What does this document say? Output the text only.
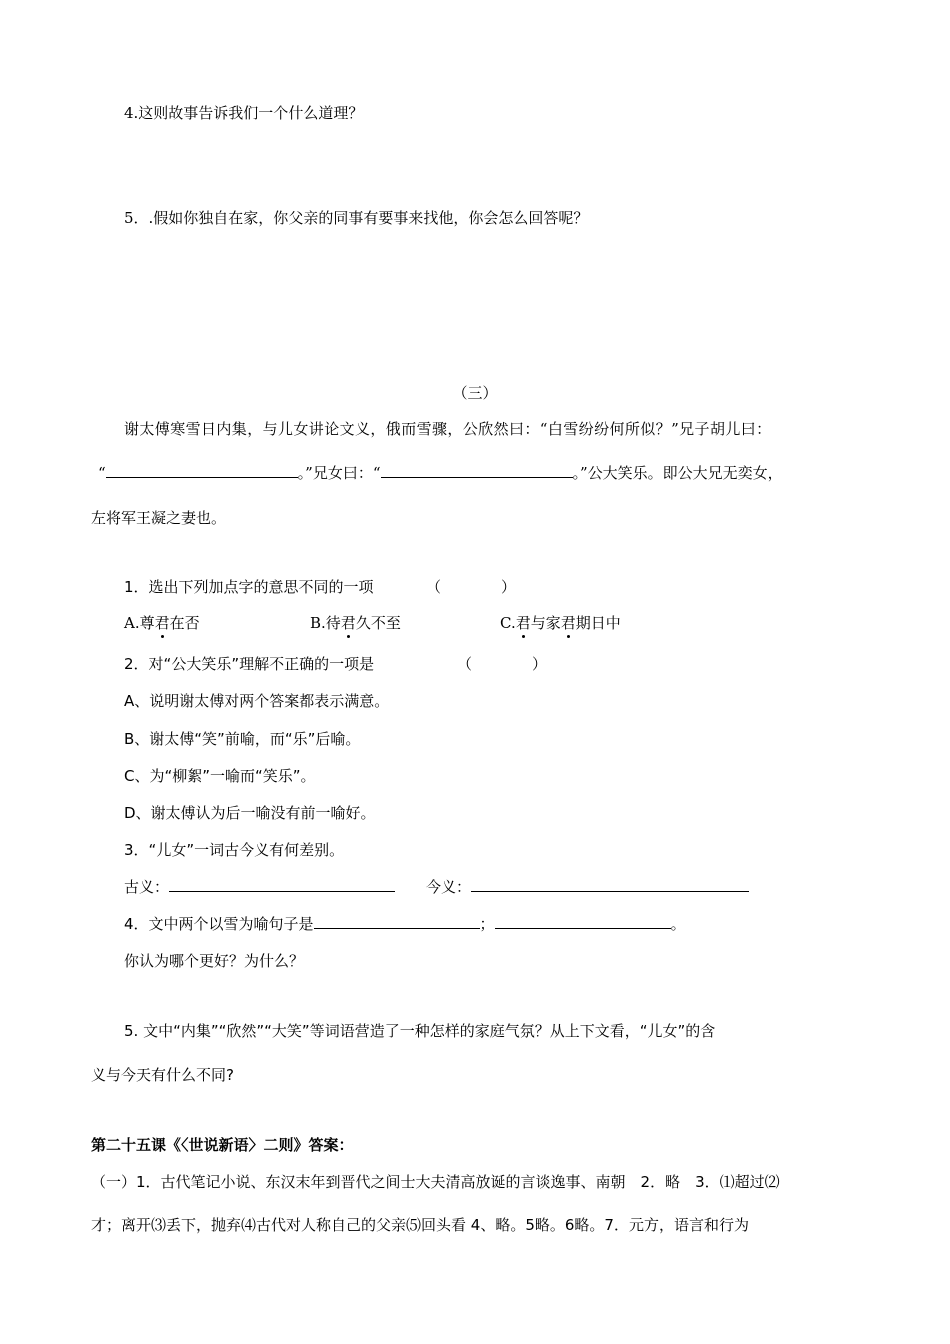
4.这则故事告诉我们一个什么道理？
5．.假如你独自在家，你父亲的同事有要事来找他，你会怎么回答呢？
（三）
谢太傅寒雪日内集，与儿女讲论文义，俄而雪骤，公欣然曰：“白雪纷纷何所似？”兄子胡儿曰：
“	。”兄女曰：“	。”公大笑乐。即公大兄无奕女，
左将军王凝之妻也。
1．选出下列加点字的意思不同的一项	（　　　　）
A.尊君在否	B.待君久不至	C.君与家君期日中
2．对“公大笑乐”理解不正确的一项是	（　　　　）
A、说明谢太傅对两个答案都表示满意。
B、谢太傅“笑”前喻，而“乐”后喻。
C、为“柳絮”一喻而“笑乐”。
D、谢太傅认为后一喻没有前一喻好。
3．“儿女”一词古今义有何差别。
古义：	今义：
4．文中两个以雪为喻句子是	；	。
你认为哪个更好？为什么？
5. 文中“内集”“欣然”“大笑”等词语营造了一种怎样的家庭气氛？从上下文看，“儿女”的含
义与今天有什么不同?
第二十五课《〈世说新语〉二则》答案：
（一）1．古代笔记小说、东汉末年到晋代之间士大夫清高放诞的言谈逸事、南朝　2．略　3．⑴超过⑵
才；离开⑶丢下，抛弃⑷古代对人称自己的父亲⑸回头看 4、略。5略。6略。7．元方，语言和行为
